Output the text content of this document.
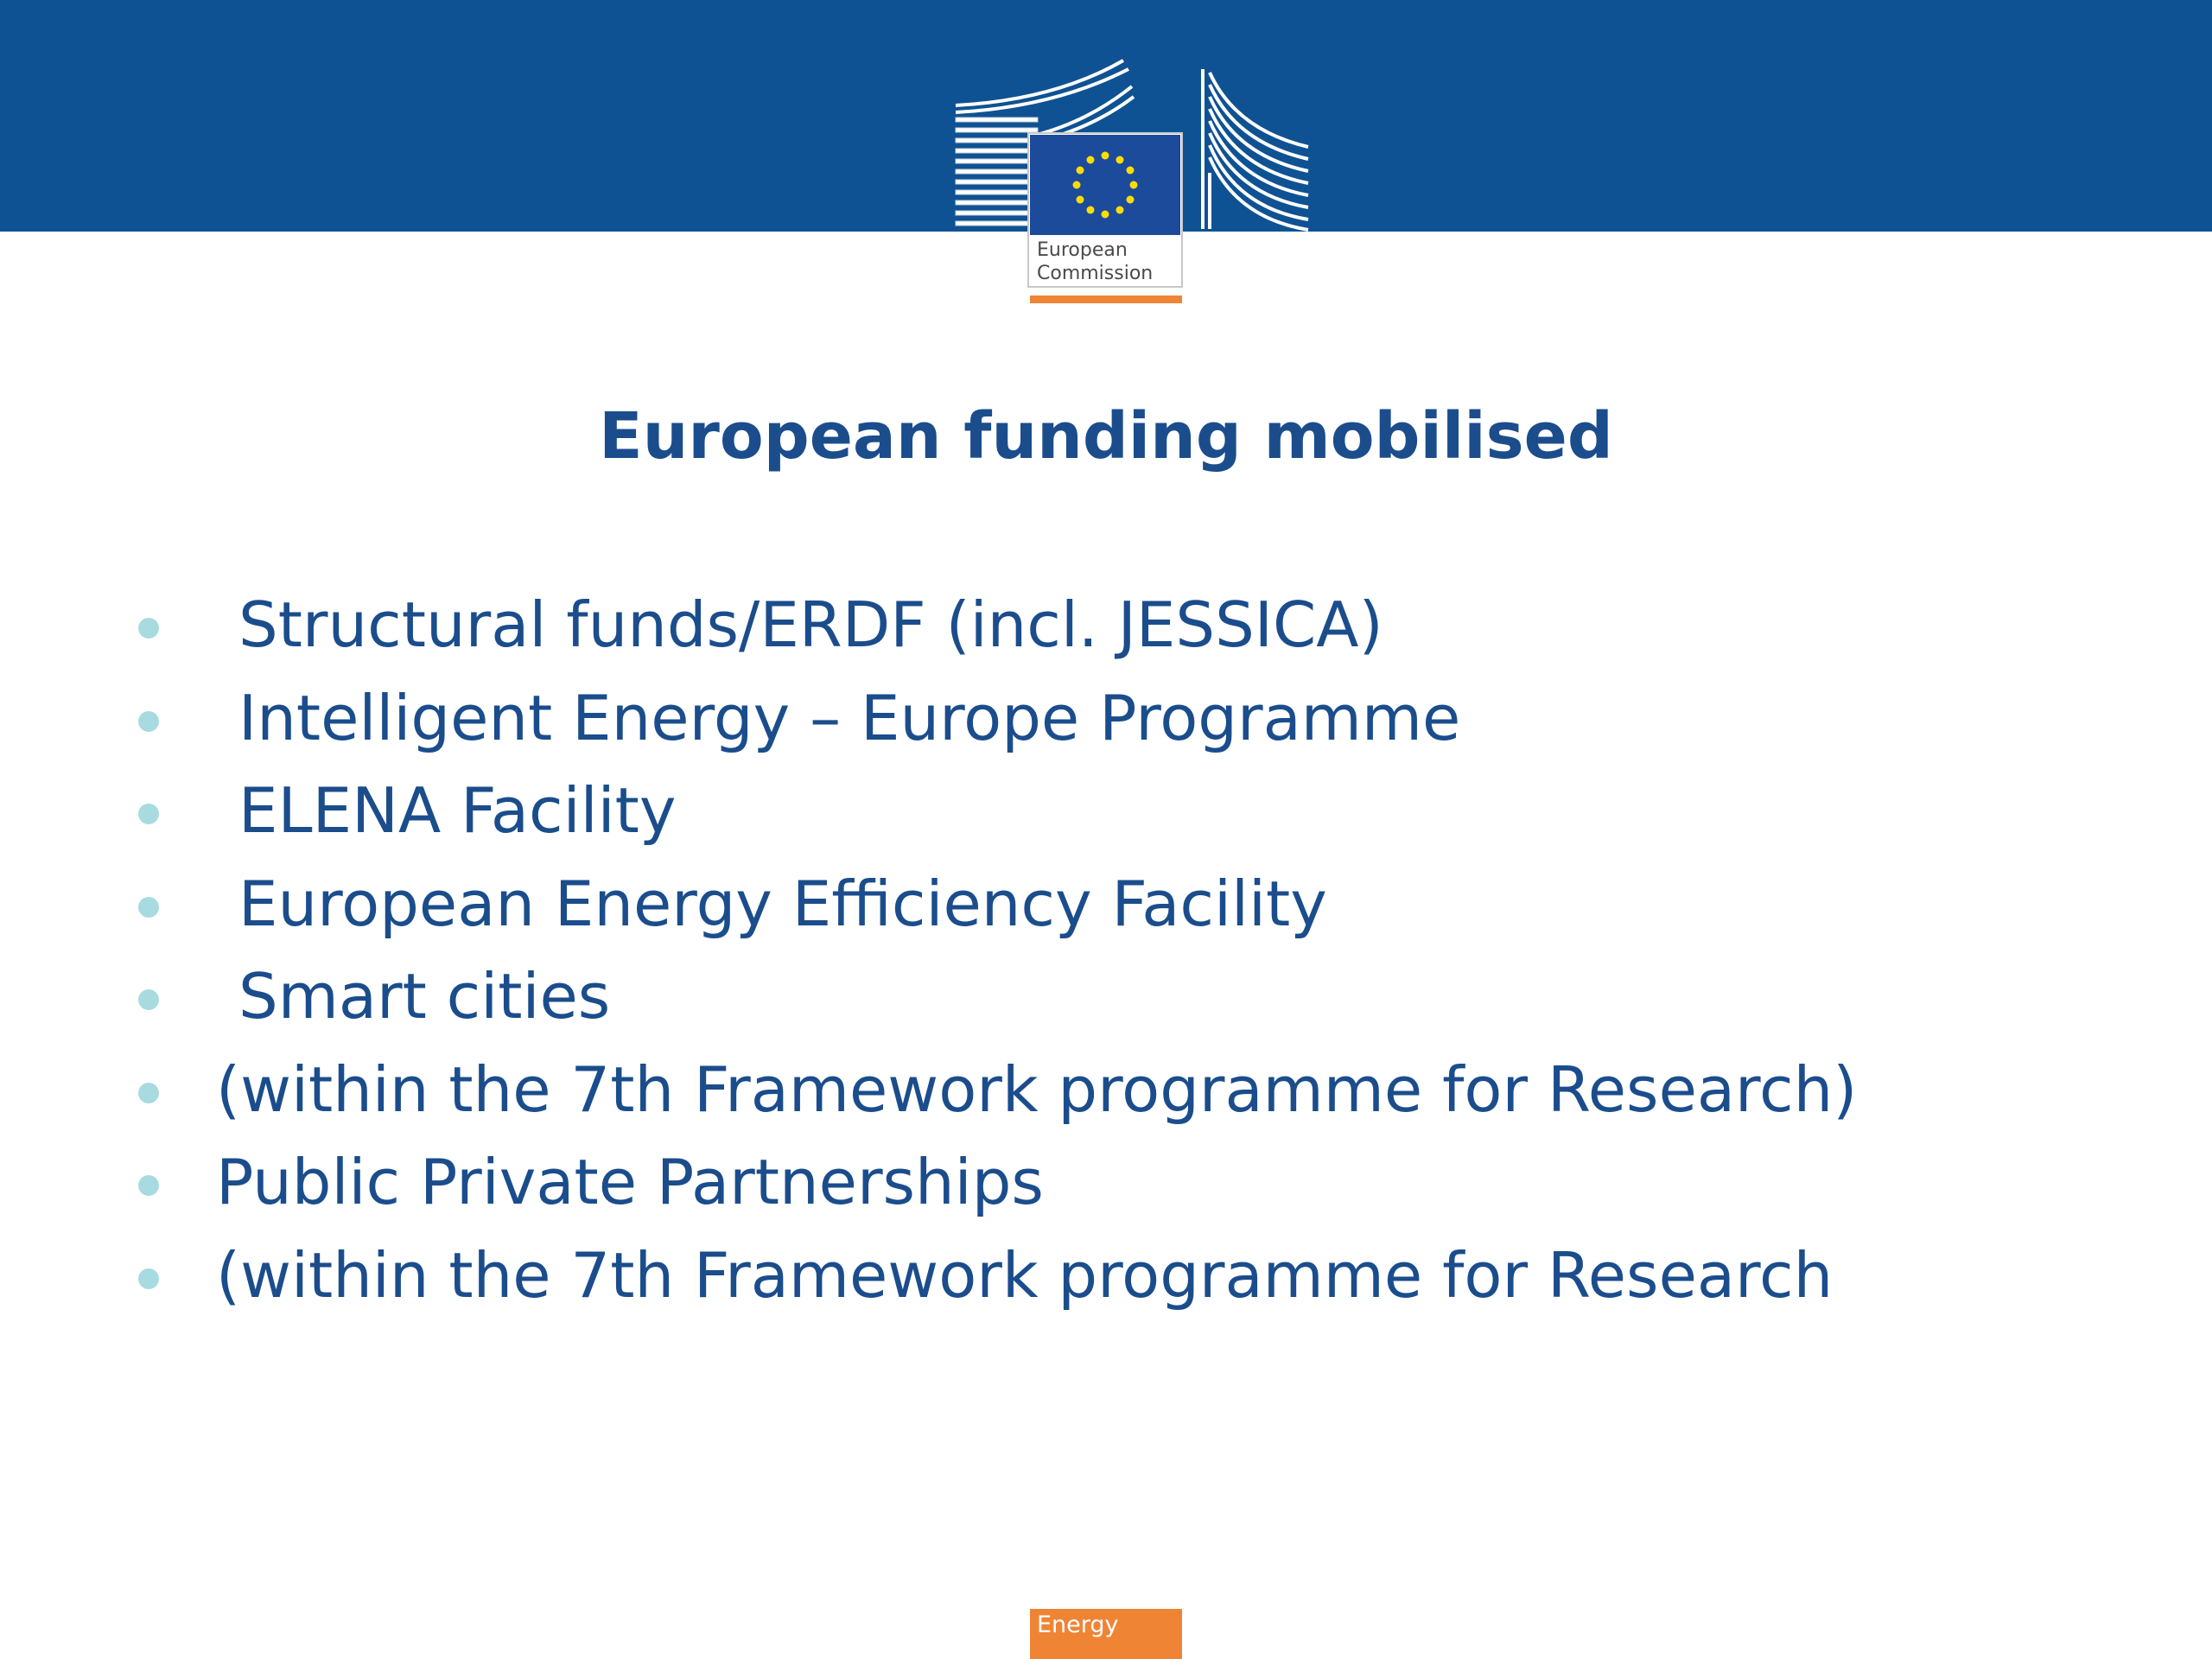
European
Commission
European funding mobilised
Structural funds/ERDF (incl. JESSICA)
Intelligent Energy – Europe Programme
ELENA Facility
European Energy Efficiency Facility
Smart cities
(within the 7th Framework programme for Research)
Public Private Partnerships
(within the 7th Framework programme for Research
Energy
